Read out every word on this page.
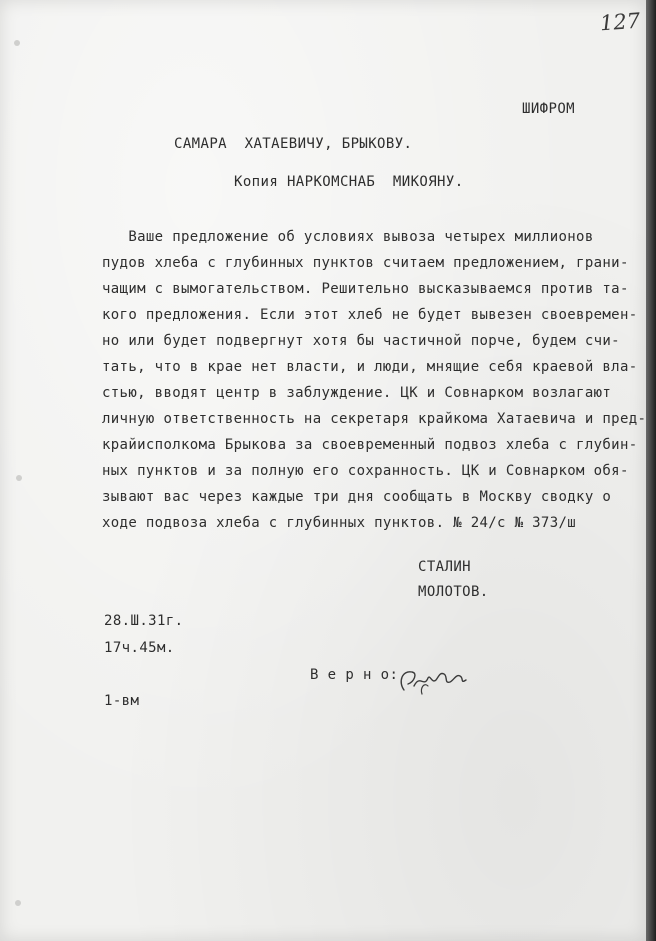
127
ШИФРОМ
САМАРА  ХАТАЕВИЧУ, БРЫКОВУ.
Копия НАРКОМСНАБ  МИКОЯНУ.
Ваше предложение об условиях вывоза четырех миллионов
пудов хлеба с глубинных пунктов считаем предложением, грани-
чащим с вымогательством. Решительно высказываемся против та-
кого предложения. Если этот хлеб не будет вывезен своевремен-
но или будет подвергнут хотя бы частичной порче, будем счи-
тать, что в крае нет власти, и люди, мнящие себя краевой вла-
стью, вводят центр в заблуждение. ЦК и Совнарком возлагают
личную ответственность на секретаря крайкома Хатаевича и пред-
крайисполкома Брыкова за своевременный подвоз хлеба с глубин-
ных пунктов и за полную его сохранность. ЦК и Совнарком обя-
зывают вас через каждые три дня сообщать в Москву сводку о
ходе подвоза хлеба с глубинных пунктов. № 24/с № 373/ш
СТАЛИН
МОЛОТОВ.
28.Ш.31г.
17ч.45м.
В е р н о:
1-вм
